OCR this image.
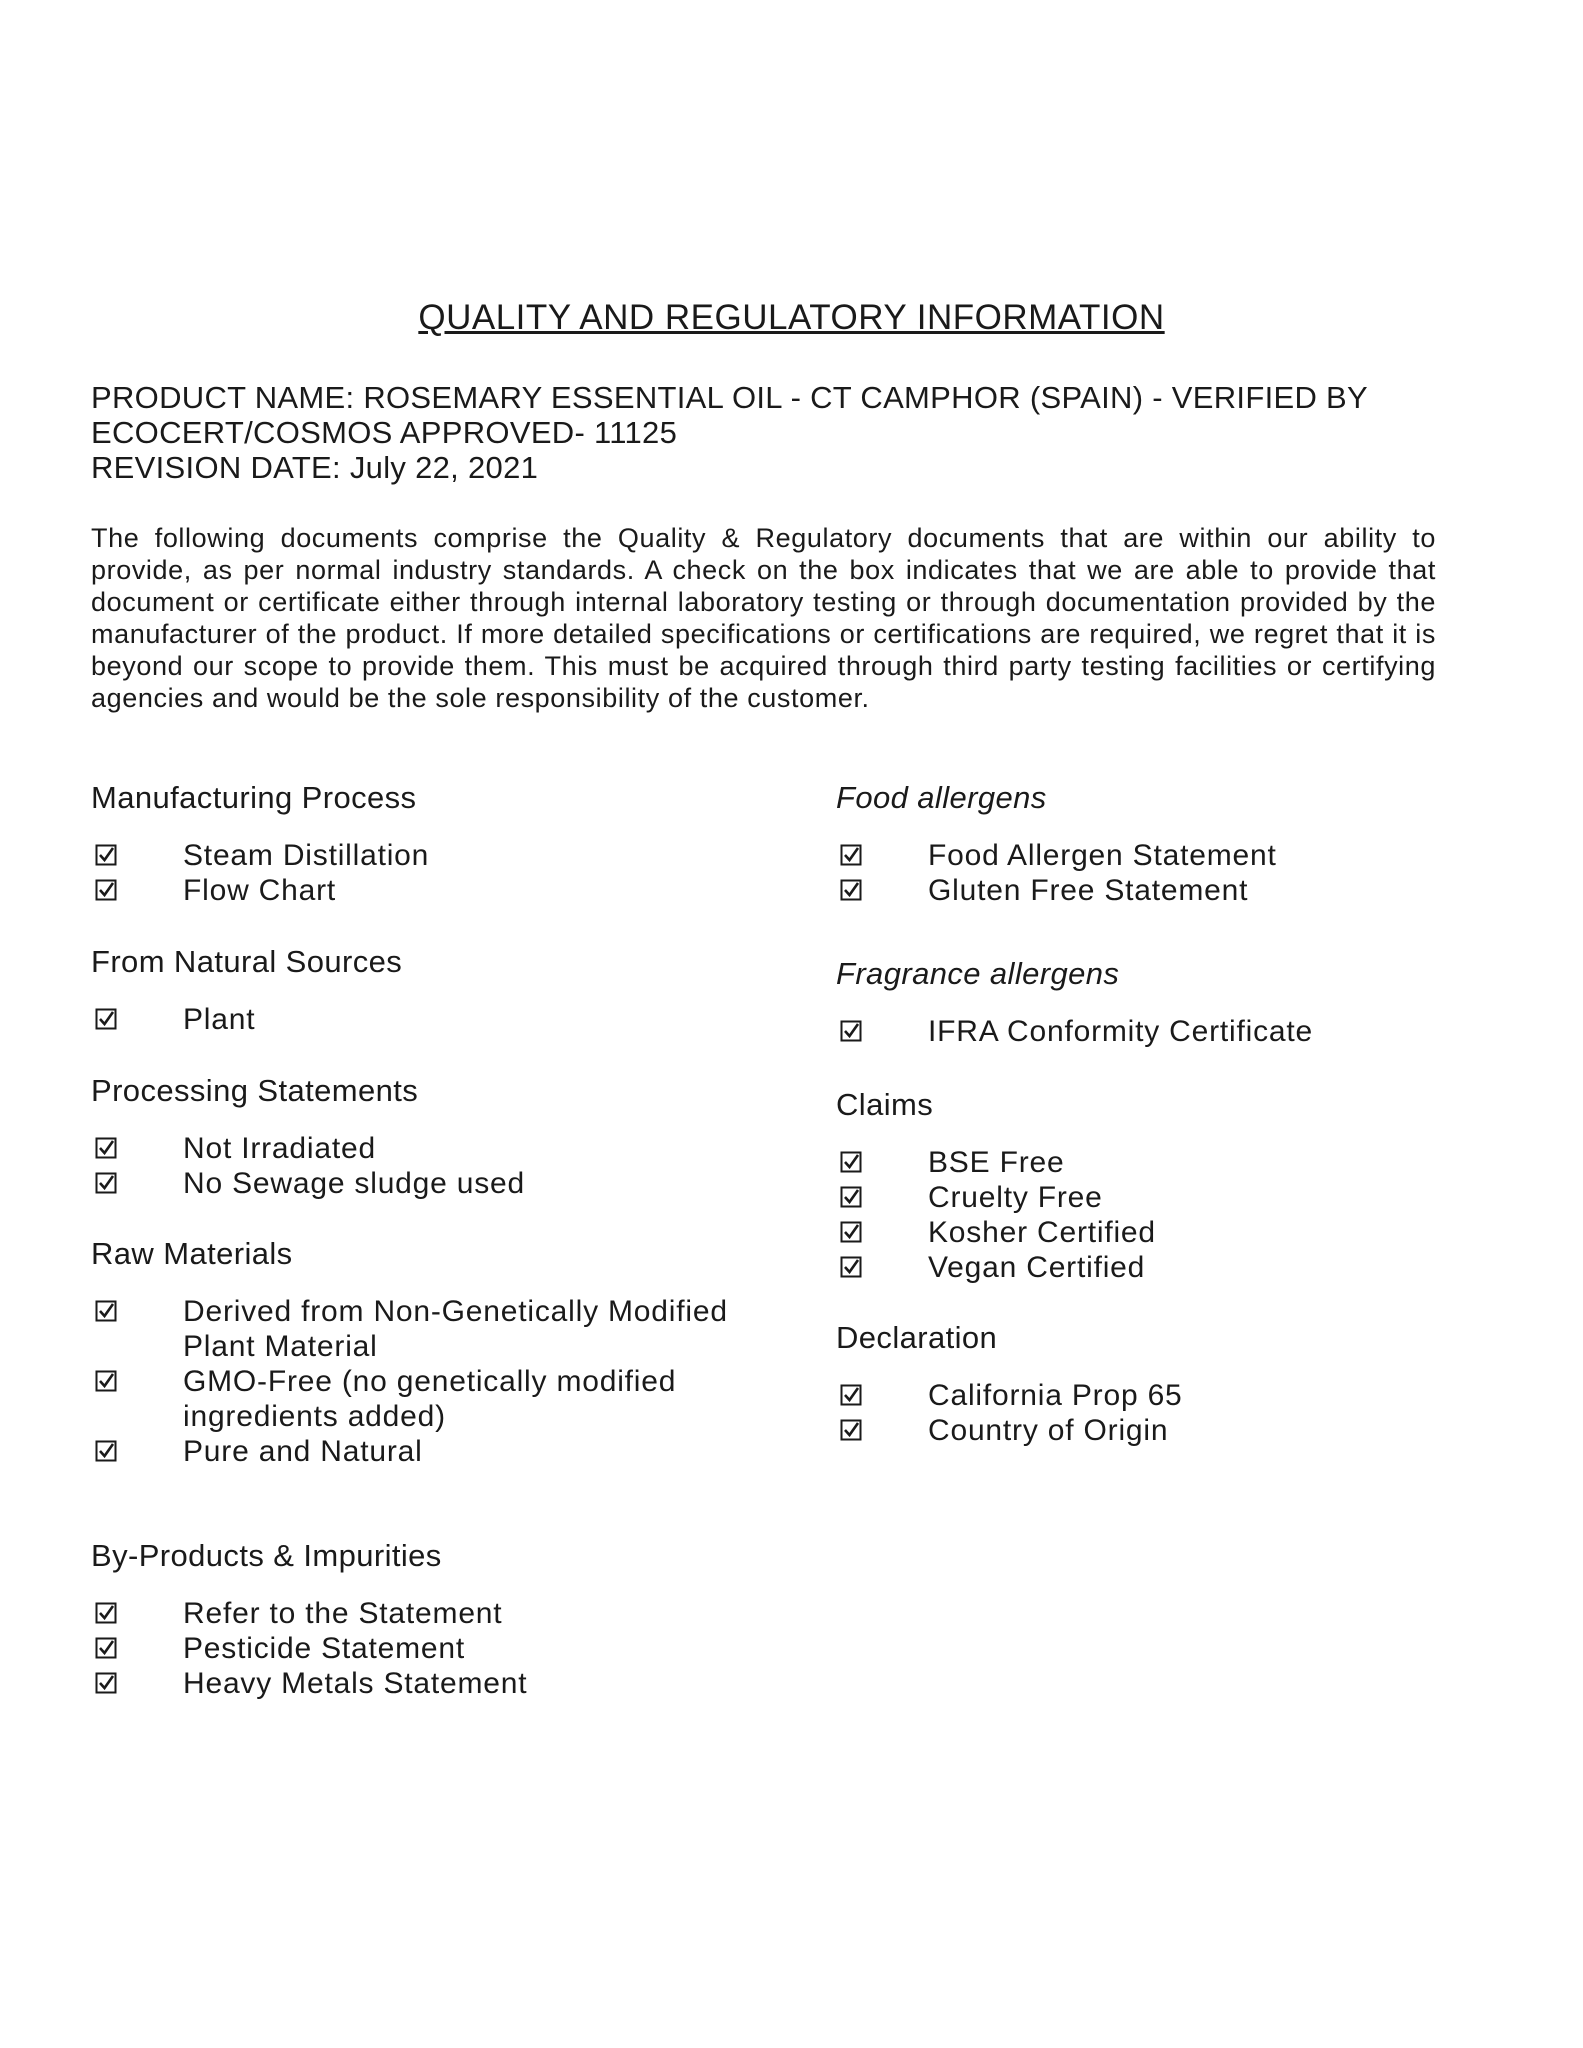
QUALITY AND REGULATORY INFORMATION
PRODUCT NAME: ROSEMARY ESSENTIAL OIL - CT CAMPHOR (SPAIN) - VERIFIED BY
ECOCERT/COSMOS APPROVED- 11125
REVISION DATE: July 22, 2021

The following documents comprise the Quality & Regulatory documents that are within our ability to provide, as per normal industry standards. A check on the box indicates that we are able to provide that document or certificate either through internal laboratory testing or through documentation provided by the manufacturer of the product. If more detailed specifications or certifications are required, we regret that it is beyond our scope to provide them. This must be acquired through third party testing facilities or certifying agencies and would be the sole responsibility of the customer.

Manufacturing Process
Steam Distillation
Flow Chart
From Natural Sources
Plant
Processing Statements
Not Irradiated
No Sewage sludge used
Raw Materials
Derived from Non-Genetically Modified Plant Material
GMO-Free (no genetically modified ingredients added)
Pure and Natural
By-Products & Impurities
Refer to the Statement
Pesticide Statement
Heavy Metals Statement
Food allergens
Food Allergen Statement
Gluten Free Statement
Fragrance allergens
IFRA Conformity Certificate
Claims
BSE Free
Cruelty Free
Kosher Certified
Vegan Certified
Declaration
California Prop 65
Country of Origin
